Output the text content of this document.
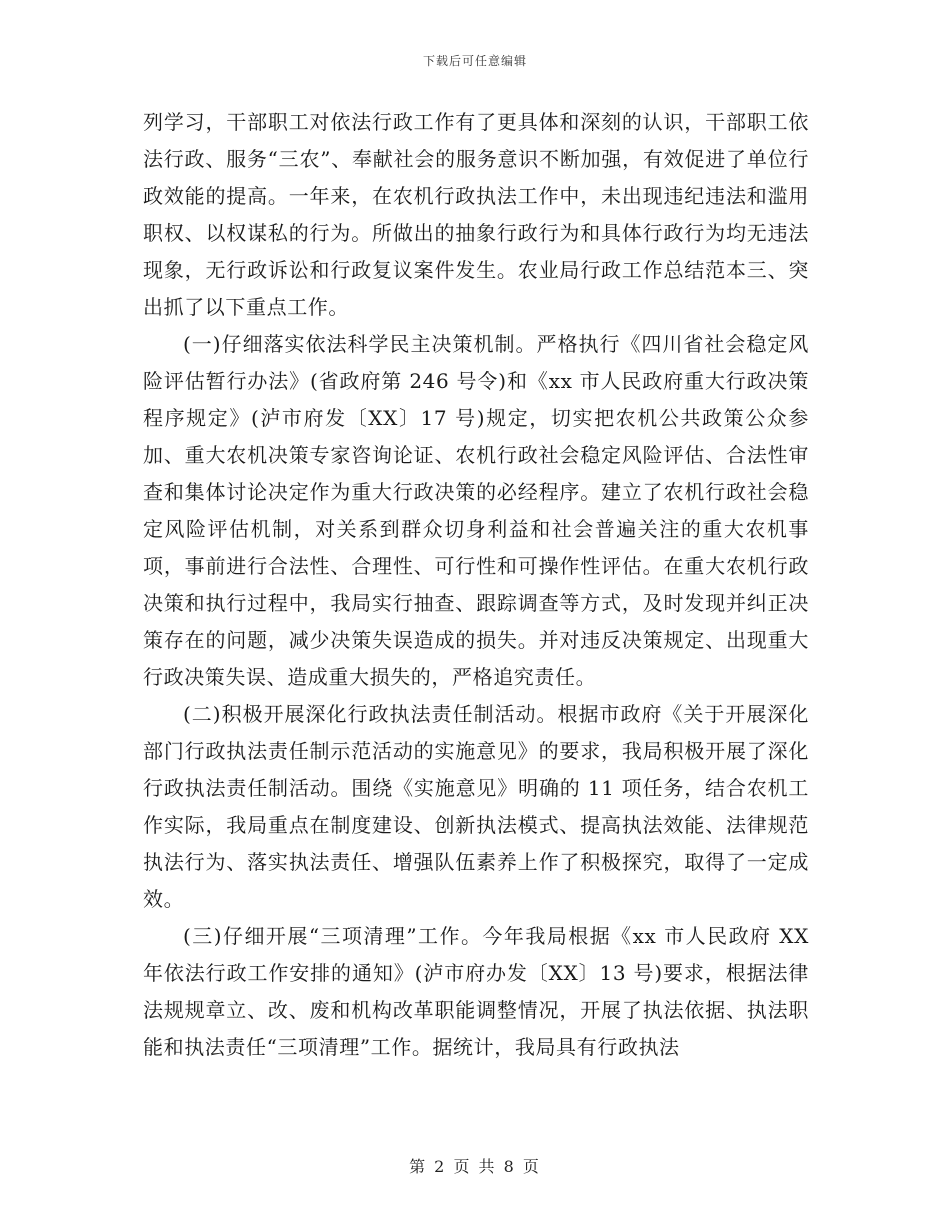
下载后可任意编辑

列学习，干部职工对依法行政工作有了更具体和深刻的认识，干部职工依法行政、服务“三农”、奉献社会的服务意识不断加强，有效促进了单位行政效能的提高。一年来，在农机行政执法工作中，未出现违纪违法和滥用职权、以权谋私的行为。所做出的抽象行政行为和具体行政行为均无违法现象，无行政诉讼和行政复议案件发生。农业局行政工作总结范本三、突出抓了以下重点工作。

(一)仔细落实依法科学民主决策机制。严格执行《四川省社会稳定风险评估暂行办法》(省政府第 246 号令)和《xx 市人民政府重大行政决策程序规定》(泸市府发〔XX〕17 号)规定，切实把农机公共政策公众参加、重大农机决策专家咨询论证、农机行政社会稳定风险评估、合法性审查和集体讨论决定作为重大行政决策的必经程序。建立了农机行政社会稳定风险评估机制，对关系到群众切身利益和社会普遍关注的重大农机事项，事前进行合法性、合理性、可行性和可操作性评估。在重大农机行政决策和执行过程中，我局实行抽查、跟踪调查等方式，及时发现并纠正决策存在的问题，减少决策失误造成的损失。并对违反决策规定、出现重大行政决策失误、造成重大损失的，严格追究责任。

(二)积极开展深化行政执法责任制活动。根据市政府《关于开展深化部门行政执法责任制示范活动的实施意见》的要求，我局积极开展了深化行政执法责任制活动。围绕《实施意见》明确的 11 项任务，结合农机工作实际，我局重点在制度建设、创新执法模式、提高执法效能、法律规范执法行为、落实执法责任、增强队伍素养上作了积极探究，取得了一定成效。

(三)仔细开展“三项清理”工作。今年我局根据《xx 市人民政府 XX 年依法行政工作安排的通知》(泸市府办发〔XX〕13 号)要求，根据法律法规规章立、改、废和机构改革职能调整情况，开展了执法依据、执法职能和执法责任“三项清理”工作。据统计，我局具有行政执法

第 2 页 共 8 页
